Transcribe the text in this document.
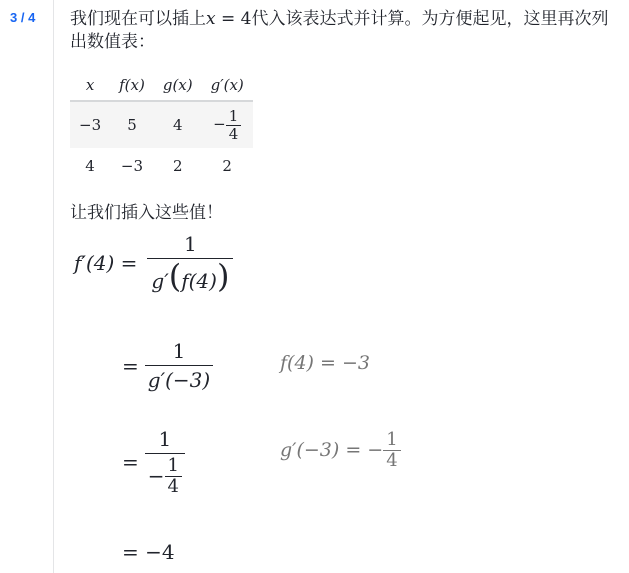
3 / 4 我们现在可以插上x = 4代入该表达式并计算。为方便起见，这里再次列出数值表：
x	f(x)	g(x)	g′(x)
−3	5	4	− $\frac{1}{4}$

4	−3	2	2
让我们插入这些值！
$f'(4) = \frac{1}{g'(f(4))}$
= $\frac{1}{g'(-3)}$	f(4) = −3
= $\frac{1}{- \frac{1}{4}}$	g′(−3) = − $\frac{1}{4}$
= −4
